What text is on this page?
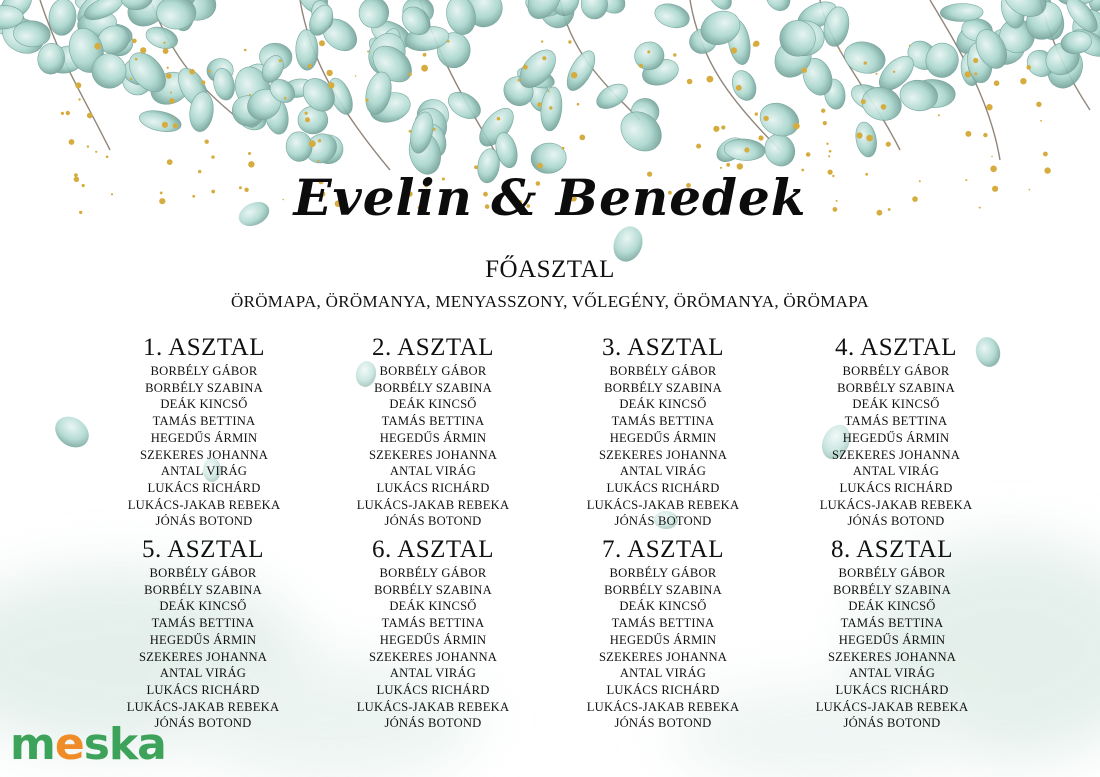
Evelin & Benedek
FŐASZTAL
ÖRÖMAPA, ÖRÖMANYA, MENYASSZONY, VŐLEGÉNY, ÖRÖMANYA, ÖRÖMAPA
1. ASZTAL
BORBÉLY GÁBOR
BORBÉLY SZABINA
DEÁK KINCSŐ
TAMÁS BETTINA
HEGEDŰS ÁRMIN
SZEKERES JOHANNA
ANTAL VIRÁG
LUKÁCS RICHÁRD
LUKÁCS-JAKAB REBEKA
JÓNÁS BOTOND
2. ASZTAL
BORBÉLY GÁBOR
BORBÉLY SZABINA
DEÁK KINCSŐ
TAMÁS BETTINA
HEGEDŰS ÁRMIN
SZEKERES JOHANNA
ANTAL VIRÁG
LUKÁCS RICHÁRD
LUKÁCS-JAKAB REBEKA
JÓNÁS BOTOND
3. ASZTAL
BORBÉLY GÁBOR
BORBÉLY SZABINA
DEÁK KINCSŐ
TAMÁS BETTINA
HEGEDŰS ÁRMIN
SZEKERES JOHANNA
ANTAL VIRÁG
LUKÁCS RICHÁRD
LUKÁCS-JAKAB REBEKA
JÓNÁS BOTOND
4. ASZTAL
BORBÉLY GÁBOR
BORBÉLY SZABINA
DEÁK KINCSŐ
TAMÁS BETTINA
HEGEDŰS ÁRMIN
SZEKERES JOHANNA
ANTAL VIRÁG
LUKÁCS RICHÁRD
LUKÁCS-JAKAB REBEKA
JÓNÁS BOTOND
5. ASZTAL
BORBÉLY GÁBOR
BORBÉLY SZABINA
DEÁK KINCSŐ
TAMÁS BETTINA
HEGEDŰS ÁRMIN
SZEKERES JOHANNA
ANTAL VIRÁG
LUKÁCS RICHÁRD
LUKÁCS-JAKAB REBEKA
JÓNÁS BOTOND
6. ASZTAL
BORBÉLY GÁBOR
BORBÉLY SZABINA
DEÁK KINCSŐ
TAMÁS BETTINA
HEGEDŰS ÁRMIN
SZEKERES JOHANNA
ANTAL VIRÁG
LUKÁCS RICHÁRD
LUKÁCS-JAKAB REBEKA
JÓNÁS BOTOND
7. ASZTAL
BORBÉLY GÁBOR
BORBÉLY SZABINA
DEÁK KINCSŐ
TAMÁS BETTINA
HEGEDŰS ÁRMIN
SZEKERES JOHANNA
ANTAL VIRÁG
LUKÁCS RICHÁRD
LUKÁCS-JAKAB REBEKA
JÓNÁS BOTOND
8. ASZTAL
BORBÉLY GÁBOR
BORBÉLY SZABINA
DEÁK KINCSŐ
TAMÁS BETTINA
HEGEDŰS ÁRMIN
SZEKERES JOHANNA
ANTAL VIRÁG
LUKÁCS RICHÁRD
LUKÁCS-JAKAB REBEKA
JÓNÁS BOTOND
meska
